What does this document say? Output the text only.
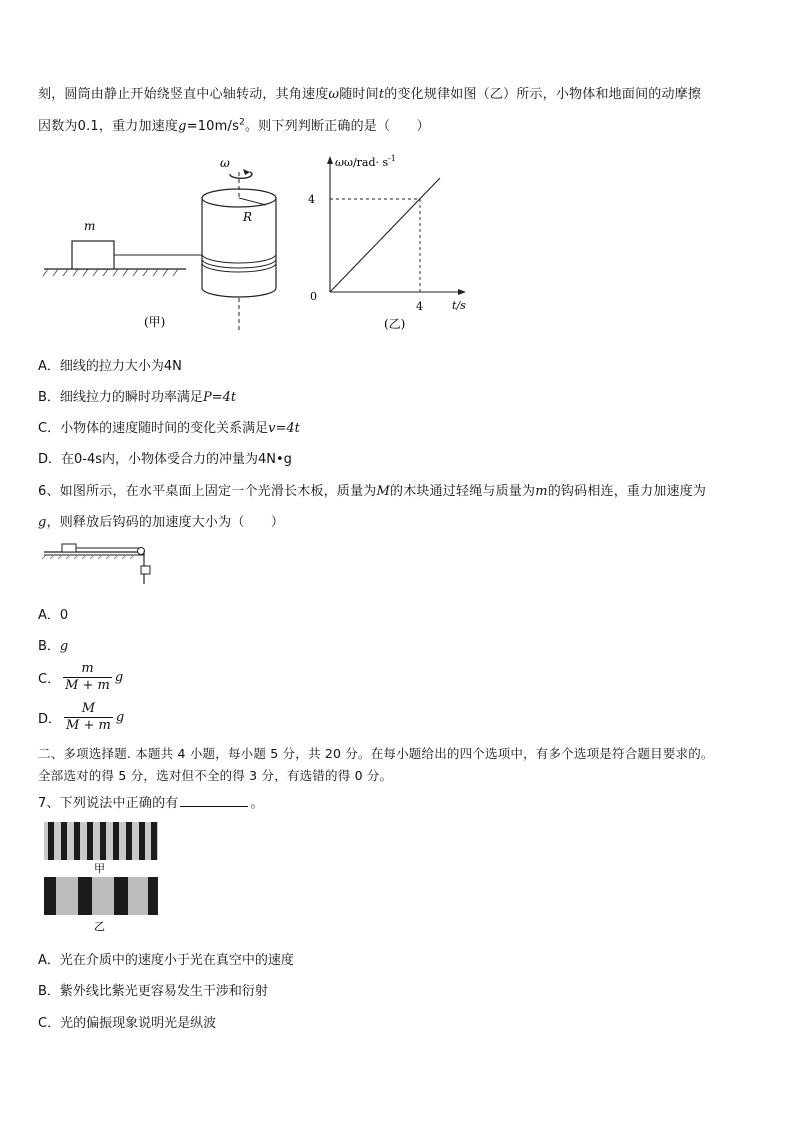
刻，圆筒由静止开始绕竖直中心轴转动，其角速度ω随时间t的变化规律如图（乙）所示，小物体和地面间的动摩擦
因数为0.1，重力加速度$g=10m/s^2$。则下列判断正确的是（　　）
m
R
ω
(甲)
ωω/rad· s -1
4
0
4	t/s
(乙)
A．细线的拉力大小为4N
B．细线拉力的瞬时功率满足P=4t
C．小物体的速度随时间的变化关系满足v=4t
D．在0-4s内，小物体受合力的冲量为4N•g
6、如图所示，在水平桌面上固定一个光滑长木板，质量为M的木块通过轻绳与质量为m的钩码相连，重力加速度为
g，则释放后钩码的加速度大小为（　　）
A．0
B．g
C． $\frac{m}{M + m}$ g
D． $\frac{M}{M + m}$ g
二、多项选择题. 本题共 4 小题，每小题 5 分，共 20 分。在每小题给出的四个选项中，有多个选项是符合题目要求的。
全部选对的得 5 分，选对但不全的得 3 分，有选错的得 0 分。
7、下列说法中正确的有	。
甲
乙
A．光在介质中的速度小于光在真空中的速度
B．紫外线比紫光更容易发生干涉和衍射
C．光的偏振现象说明光是纵波
